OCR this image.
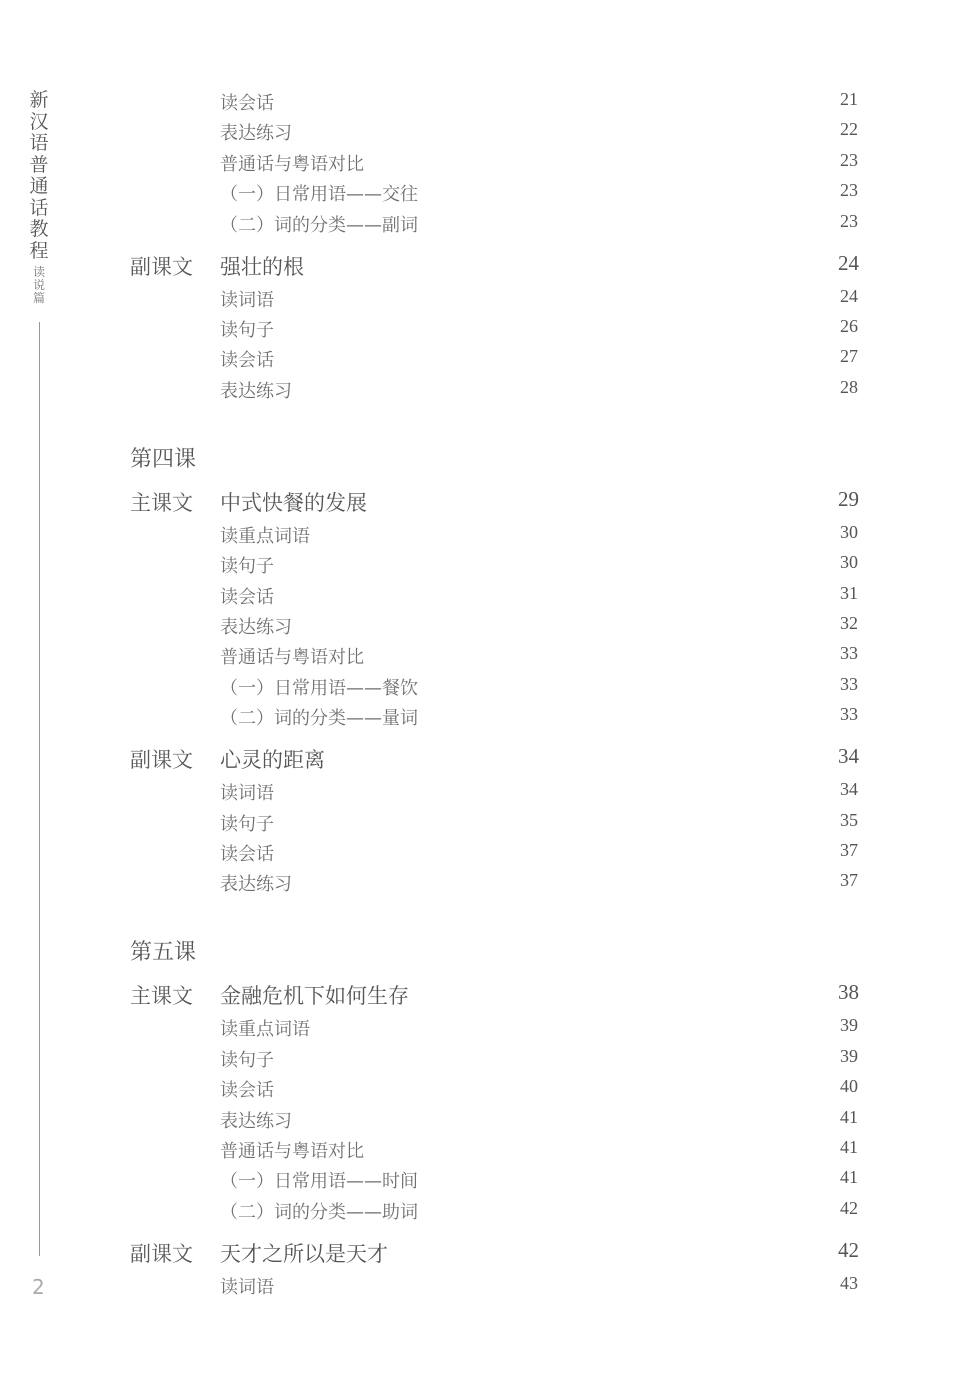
新汉语普通话教程
读说篇
2
读会话	21
表达练习	22
普通话与粤语对比	23
（一）日常用语——交往	23
（二）词的分类——副词	23
副课文 强壮的根	24
读词语	24
读句子	26
读会话	27
表达练习	28
第四课
主课文 中式快餐的发展	29
读重点词语	30
读句子	30
读会话	31
表达练习	32
普通话与粤语对比	33
（一）日常用语——餐饮	33
（二）词的分类——量词	33
副课文 心灵的距离	34
读词语	34
读句子	35
读会话	37
表达练习	37
第五课
主课文 金融危机下如何生存	38
读重点词语	39
读句子	39
读会话	40
表达练习	41
普通话与粤语对比	41
（一）日常用语——时间	41
（二）词的分类——助词	42
副课文 天才之所以是天才	42
读词语	43
